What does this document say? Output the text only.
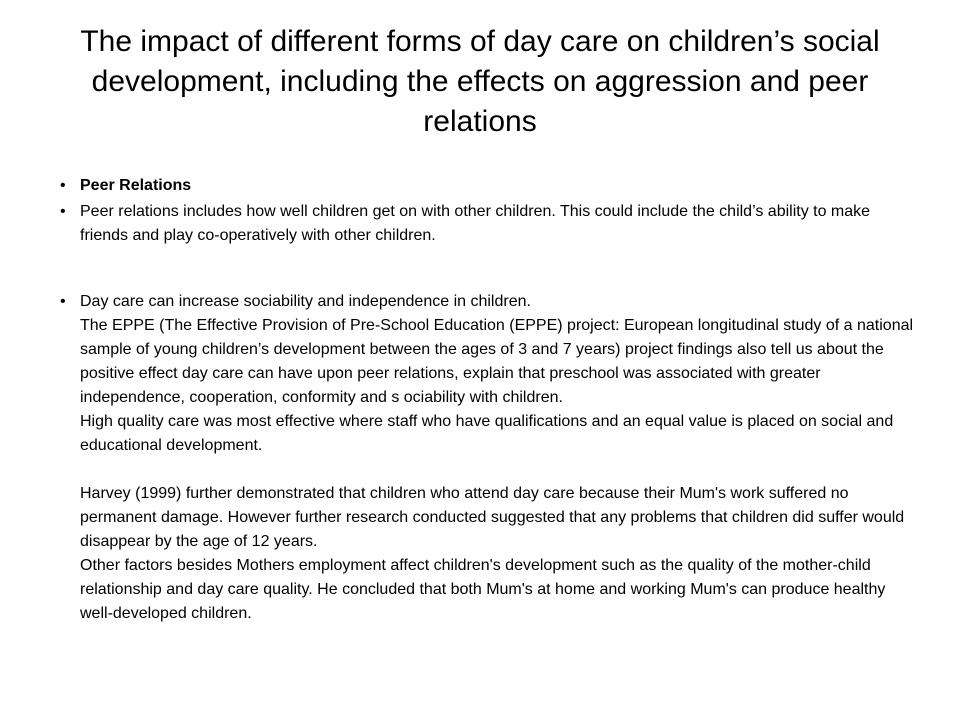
The impact of different forms of day care on children’s social development, including the effects on aggression and peer relations
• Peer Relations
• Peer relations includes how well children get on with other children. This could include the child’s ability to make friends and play co-operatively with other children.
• Day care can increase sociability and independence in children.
The EPPE (The Effective Provision of Pre-School Education (EPPE) project: European longitudinal study of a national sample of young children’s development between the ages of 3 and 7 years) project findings also tell us about the positive effect day care can have upon peer relations, explain that preschool was associated with greater independence, cooperation, conformity and s ociability with children.
High quality care was most effective where staff who have qualifications and an equal value is placed on social and educational development.
Harvey (1999) further demonstrated that children who attend day care because their Mum's work suffered no permanent damage. However further research conducted suggested that any problems that children did suffer would disappear by the age of 12 years.
Other factors besides Mothers employment affect children's development such as the quality of the mother-child relationship and day care quality. He concluded that both Mum's at home and working Mum's can produce healthy well-developed children.
